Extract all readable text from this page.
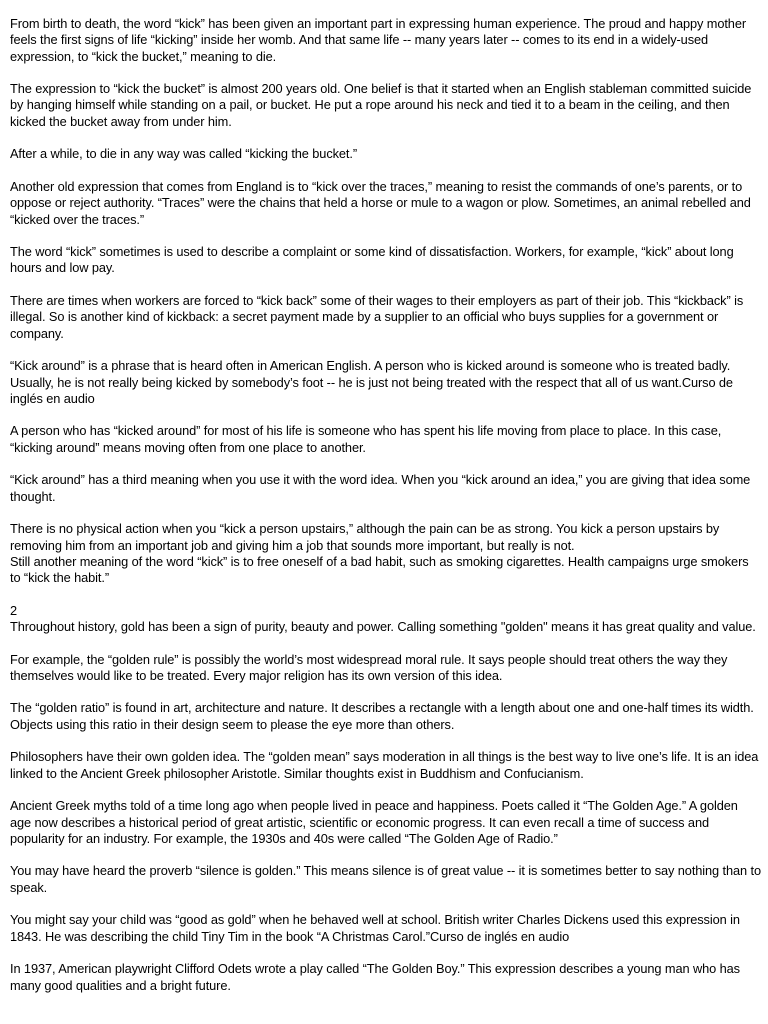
From birth to death, the word “kick” has been given an important part in expressing human experience. The proud and happy mother feels the first signs of life “kicking” inside her womb. And that same life -- many years later -- comes to its end in a widely-used expression, to “kick the bucket,” meaning to die.

The expression to “kick the bucket” is almost 200 years old. One belief is that it started when an English stableman committed suicide by hanging himself while standing on a pail, or bucket. He put a rope around his neck and tied it to a beam in the ceiling, and then kicked the bucket away from under him.

After a while, to die in any way was called “kicking the bucket.”

Another old expression that comes from England is to “kick over the traces,” meaning to resist the commands of one’s parents, or to oppose or reject authority. “Traces” were the chains that held a horse or mule to a wagon or plow. Sometimes, an animal rebelled and “kicked over the traces.”

The word “kick” sometimes is used to describe a complaint or some kind of dissatisfaction. Workers, for example, “kick” about long hours and low pay.

There are times when workers are forced to “kick back” some of their wages to their employers as part of their job. This “kickback” is illegal. So is another kind of kickback: a secret payment made by a supplier to an official who buys supplies for a government or company.

“Kick around” is a phrase that is heard often in American English. A person who is kicked around is someone who is treated badly. Usually, he is not really being kicked by somebody’s foot -- he is just not being treated with the respect that all of us want.Curso de inglés en audio

A person who has “kicked around” for most of his life is someone who has spent his life moving from place to place. In this case, “kicking around” means moving often from one place to another.

“Kick around” has a third meaning when you use it with the word idea. When you “kick around an idea,” you are giving that idea some thought.

There is no physical action when you “kick a person upstairs,” although the pain can be as strong. You kick a person upstairs by removing him from an important job and giving him a job that sounds more important, but really is not.

Still another meaning of the word “kick” is to free oneself of a bad habit, such as smoking cigarettes. Health campaigns urge smokers to “kick the habit.”

2

Throughout history, gold has been a sign of purity, beauty and power. Calling something "golden" means it has great quality and value.

For example, the “golden rule” is possibly the world’s most widespread moral rule. It says people should treat others the way they themselves would like to be treated. Every major religion has its own version of this idea.

The “golden ratio” is found in art, architecture and nature. It describes a rectangle with a length about one and one-half times its width. Objects using this ratio in their design seem to please the eye more than others.

Philosophers have their own golden idea. The “golden mean” says moderation in all things is the best way to live one’s life. It is an idea linked to the Ancient Greek philosopher Aristotle. Similar thoughts exist in Buddhism and Confucianism.

Ancient Greek myths told of a time long ago when people lived in peace and happiness. Poets called it “The Golden Age.” A golden age now describes a historical period of great artistic, scientific or economic progress. It can even recall a time of success and popularity for an industry. For example, the 1930s and 40s were called “The Golden Age of Radio.”

You may have heard the proverb “silence is golden.” This means silence is of great value -- it is sometimes better to say nothing than to speak.

You might say your child was “good as gold” when he behaved well at school. British writer Charles Dickens used this expression in 1843. He was describing the child Tiny Tim in the book “A Christmas Carol.”Curso de inglés en audio

In 1937, American playwright Clifford Odets wrote a play called “The Golden Boy.” This expression describes a young man who has many good qualities and a bright future.
